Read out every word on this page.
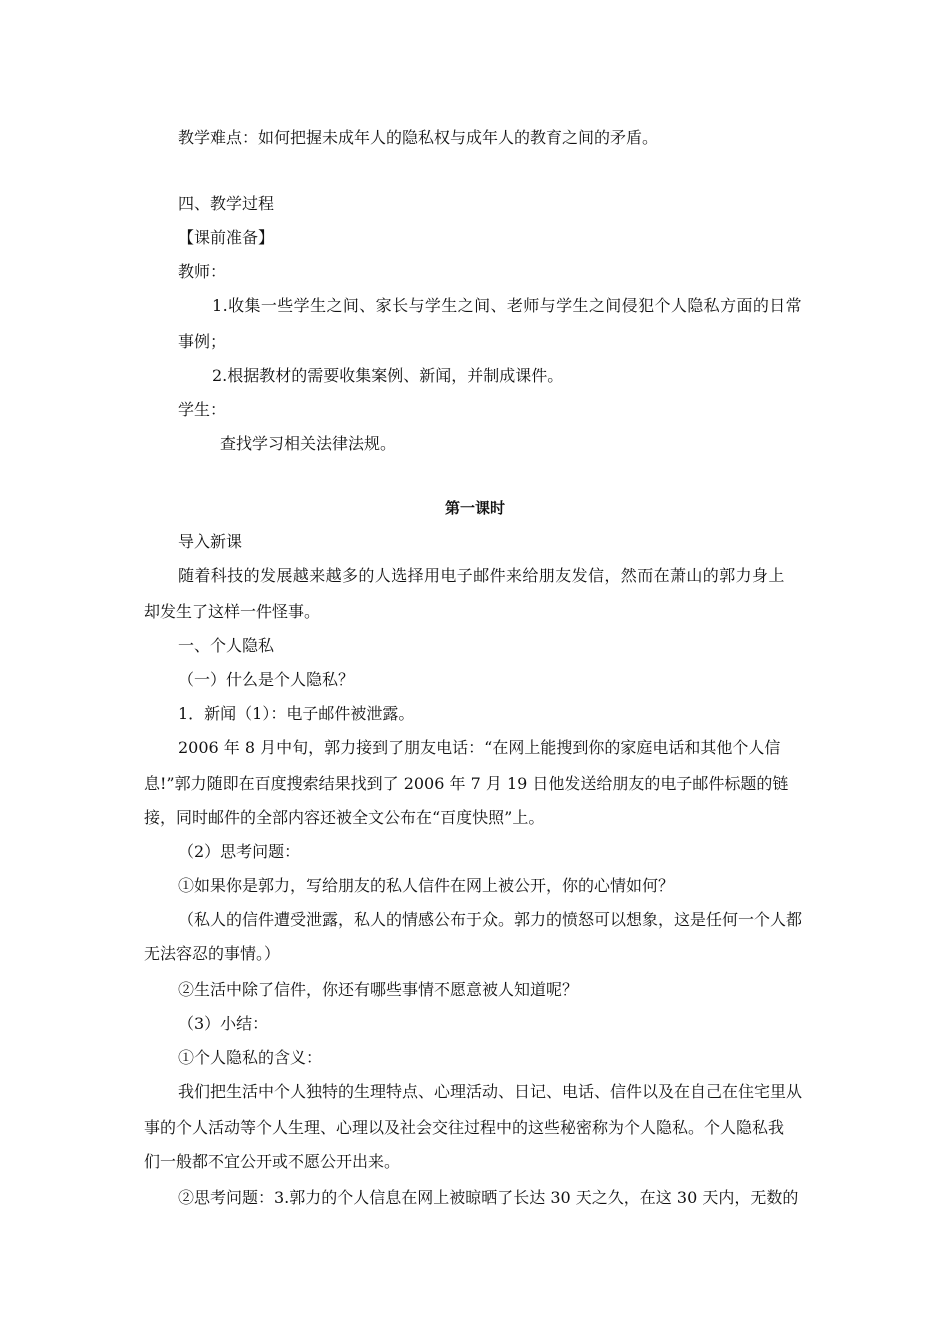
教学难点：如何把握未成年人的隐私权与成年人的教育之间的矛盾。
四、教学过程
【课前准备】
教师：
1.收集一些学生之间、家长与学生之间、老师与学生之间侵犯个人隐私方面的日常
事例；
2.根据教材的需要收集案例、新闻，并制成课件。
学生：
查找学习相关法律法规。
第一课时
导入新课
随着科技的发展越来越多的人选择用电子邮件来给朋友发信，然而在萧山的郭力身上
却发生了这样一件怪事。
一、个人隐私
（一）什么是个人隐私？
1．新闻（1）：电子邮件被泄露。
2006 年 8 月中旬，郭力接到了朋友电话：“在网上能搜到你的家庭电话和其他个人信
息!”郭力随即在百度搜索结果找到了 2006 年 7 月 19 日他发送给朋友的电子邮件标题的链
接，同时邮件的全部内容还被全文公布在“百度快照”上。
（2）思考问题：
①如果你是郭力，写给朋友的私人信件在网上被公开，你的心情如何？
（私人的信件遭受泄露，私人的情感公布于众。郭力的愤怒可以想象，这是任何一个人都
无法容忍的事情。）
②生活中除了信件，你还有哪些事情不愿意被人知道呢？
（3）小结：
①个人隐私的含义：
我们把生活中个人独特的生理特点、心理活动、日记、电话、信件以及在自己在住宅里从
事的个人活动等个人生理、心理以及社会交往过程中的这些秘密称为个人隐私。个人隐私我
们一般都不宜公开或不愿公开出来。
②思考问题：3.郭力的个人信息在网上被晾晒了长达 30 天之久，在这 30 天内，无数的
